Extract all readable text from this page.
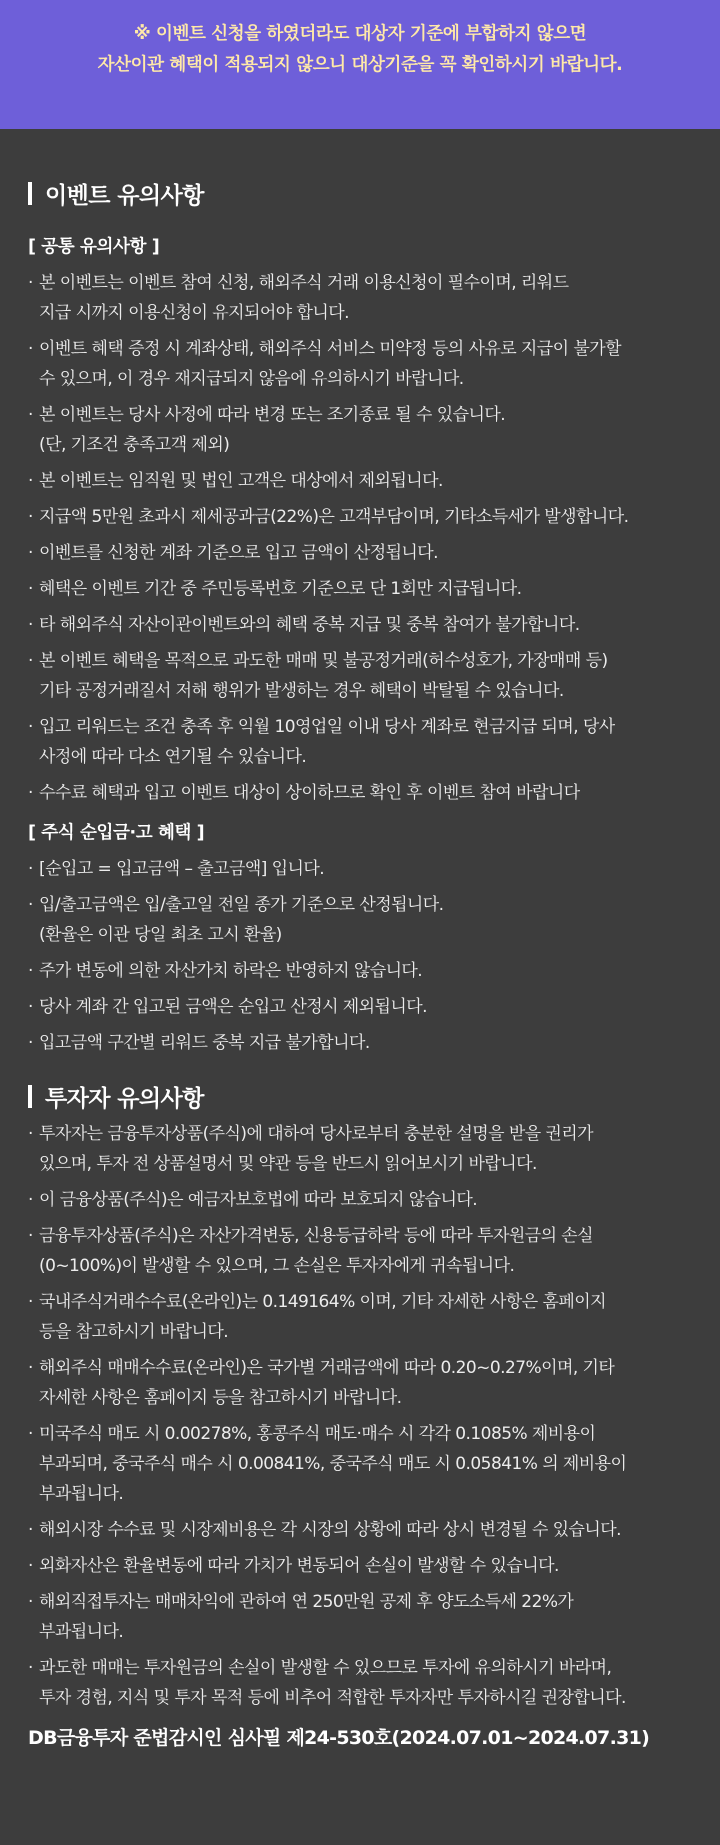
※ 이벤트 신청을 하였더라도 대상자 기준에 부합하지 않으면
자산이관 혜택이 적용되지 않으니 대상기준을 꼭 확인하시기 바랍니다.
이벤트 유의사항
[ 공통 유의사항 ]
· 본 이벤트는 이벤트 참여 신청, 해외주식 거래 이용신청이 필수이며, 리워드
지급 시까지 이용신청이 유지되어야 합니다.
· 이벤트 혜택 증정 시 계좌상태, 해외주식 서비스 미약정 등의 사유로 지급이 불가할
수 있으며, 이 경우 재지급되지 않음에 유의하시기 바랍니다.
· 본 이벤트는 당사 사정에 따라 변경 또는 조기종료 될 수 있습니다.
(단, 기조건 충족고객 제외)
· 본 이벤트는 임직원 및 법인 고객은 대상에서 제외됩니다.
· 지급액 5만원 초과시 제세공과금(22%)은 고객부담이며, 기타소득세가 발생합니다.
· 이벤트를 신청한 계좌 기준으로 입고 금액이 산정됩니다.
· 혜택은 이벤트 기간 중 주민등록번호 기준으로 단 1회만 지급됩니다.
· 타 해외주식 자산이관이벤트와의 혜택 중복 지급 및 중복 참여가 불가합니다.
· 본 이벤트 혜택을 목적으로 과도한 매매 및 불공정거래(허수성호가, 가장매매 등)
기타 공정거래질서 저해 행위가 발생하는 경우 혜택이 박탈될 수 있습니다.
· 입고 리워드는 조건 충족 후 익월 10영업일 이내 당사 계좌로 현금지급 되며, 당사
사정에 따라 다소 연기될 수 있습니다.
· 수수료 혜택과 입고 이벤트 대상이 상이하므로 확인 후 이벤트 참여 바랍니다
[ 주식 순입금·고 혜택 ]
· [순입고 = 입고금액 – 출고금액] 입니다.
· 입/출고금액은 입/출고일 전일 종가 기준으로 산정됩니다.
(환율은 이관 당일 최초 고시 환율)
· 주가 변동에 의한 자산가치 하락은 반영하지 않습니다.
· 당사 계좌 간 입고된 금액은 순입고 산정시 제외됩니다.
· 입고금액 구간별 리워드 중복 지급 불가합니다.
투자자 유의사항
· 투자자는 금융투자상품(주식)에 대하여 당사로부터 충분한 설명을 받을 권리가
있으며, 투자 전 상품설명서 및 약관 등을 반드시 읽어보시기 바랍니다.
· 이 금융상품(주식)은 예금자보호법에 따라 보호되지 않습니다.
· 금융투자상품(주식)은 자산가격변동, 신용등급하락 등에 따라 투자원금의 손실
(0~100%)이 발생할 수 있으며, 그 손실은 투자자에게 귀속됩니다.
· 국내주식거래수수료(온라인)는 0.149164% 이며, 기타 자세한 사항은 홈페이지
등을 참고하시기 바랍니다.
· 해외주식 매매수수료(온라인)은 국가별 거래금액에 따라 0.20~0.27%이며, 기타
자세한 사항은 홈페이지 등을 참고하시기 바랍니다.
· 미국주식 매도 시 0.00278%, 홍콩주식 매도·매수 시 각각 0.1085% 제비용이
부과되며, 중국주식 매수 시 0.00841%, 중국주식 매도 시 0.05841% 의 제비용이
부과됩니다.
· 해외시장 수수료 및 시장제비용은 각 시장의 상황에 따라 상시 변경될 수 있습니다.
· 외화자산은 환율변동에 따라 가치가 변동되어 손실이 발생할 수 있습니다.
· 해외직접투자는 매매차익에 관하여 연 250만원 공제 후 양도소득세 22%가
부과됩니다.
· 과도한 매매는 투자원금의 손실이 발생할 수 있으므로 투자에 유의하시기 바라며,
투자 경험, 지식 및 투자 목적 등에 비추어 적합한 투자자만 투자하시길 권장합니다.
DB금융투자 준법감시인 심사필 제24-530호(2024.07.01~2024.07.31)
